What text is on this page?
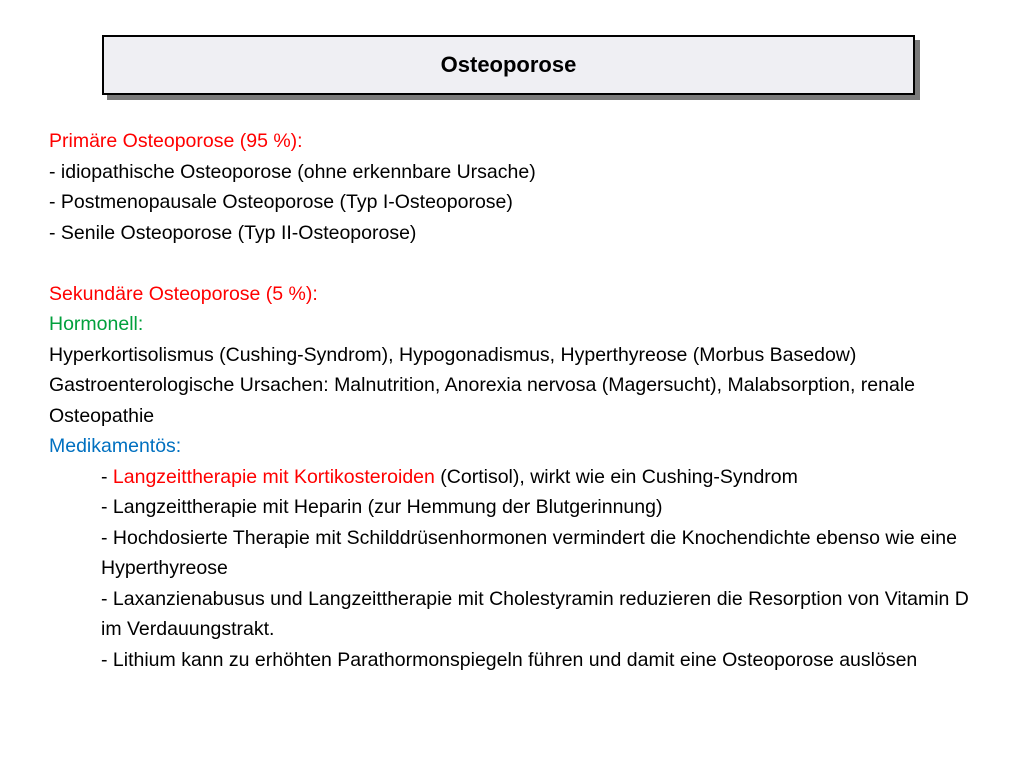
Osteoporose
Primäre Osteoporose (95 %):
- idiopathische Osteoporose (ohne erkennbare Ursache)
- Postmenopausale Osteoporose (Typ I-Osteoporose)
- Senile Osteoporose (Typ II-Osteoporose)
Sekundäre Osteoporose (5 %):
Hormonell:
Hyperkortisolismus (Cushing-Syndrom), Hypogonadismus, Hyperthyreose (Morbus Basedow)
Gastroenterologische Ursachen: Malnutrition, Anorexia nervosa (Magersucht), Malabsorption, renale Osteopathie
Medikamentös:
- Langzeittherapie mit Kortikosteroiden (Cortisol), wirkt wie ein Cushing-Syndrom
- Langzeittherapie mit Heparin (zur Hemmung der Blutgerinnung)
- Hochdosierte Therapie mit Schilddrüsenhormonen vermindert die Knochendichte ebenso wie eine Hyperthyreose
- Laxanzienabusus und Langzeittherapie mit Cholestyramin reduzieren die Resorption von Vitamin D im Verdauungstrakt.
- Lithium kann zu erhöhten Parathormonspiegeln führen und damit eine Osteoporose auslösen
